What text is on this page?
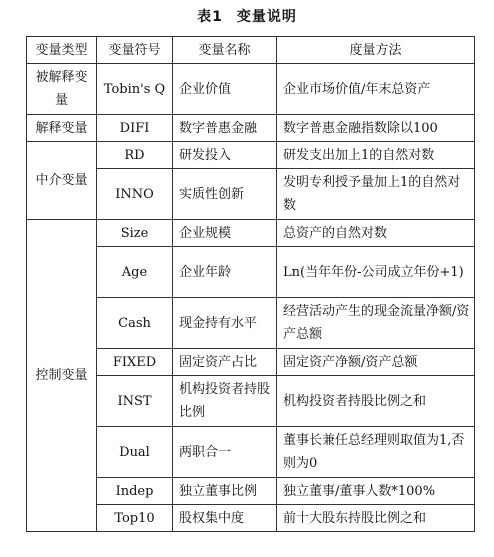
表1 变量说明
变量类型	变量符号	变量名称	度量方法
被解释变量	Tobin's Q	企业价值	企业市场价值/年末总资产
解释变量	DIFI	数字普惠金融	数字普惠金融指数除以100
中介变量	RD	研发投入	研发支出加上1的自然对数
	INNO	实质性创新	发明专利授予量加上1的自然对数
控制变量	Size	企业规模	总资产的自然对数
	Age	企业年龄	Ln(当年年份-公司成立年份+1)
	Cash	现金持有水平	经营活动产生的现金流量净额/资产总额
	FIXED	固定资产占比	固定资产净额/资产总额
	INST	机构投资者持股比例	机构投资者持股比例之和
	Dual	两职合一	董事长兼任总经理则取值为1,否则为0
	Indep	独立董事比例	独立董事/董事人数*100%
	Top10	股权集中度	前十大股东持股比例之和
